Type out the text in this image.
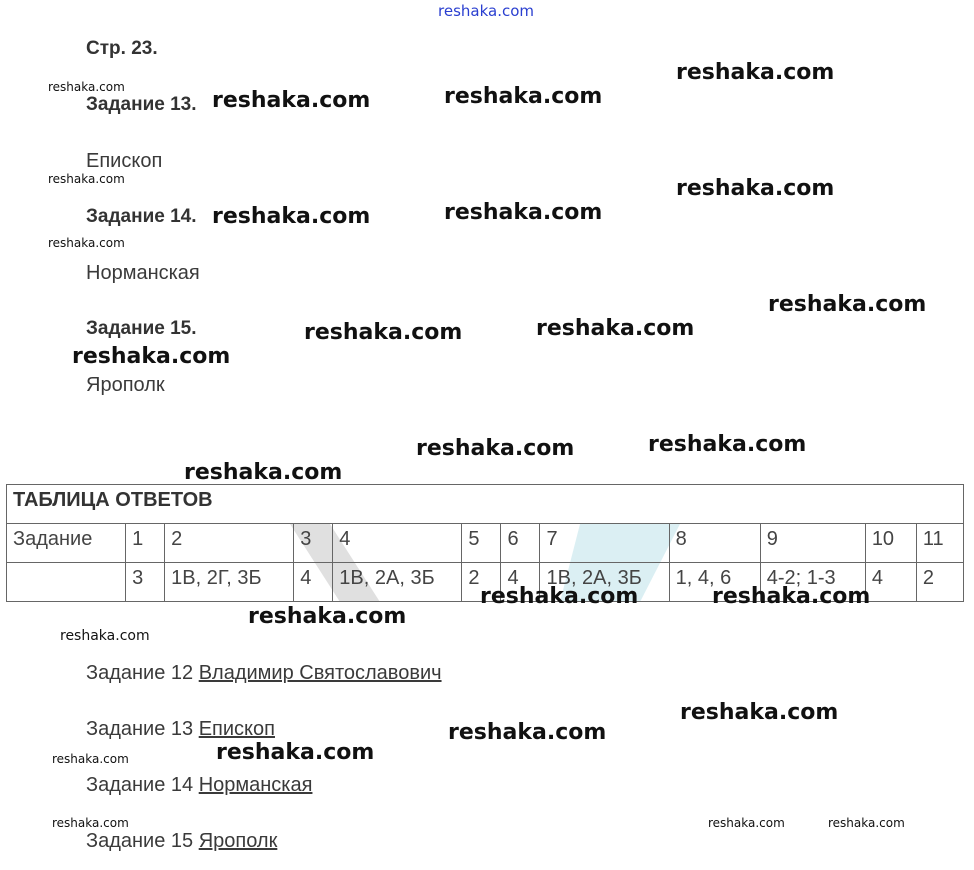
reshaka.com
Стр. 23.
Задание 13.
Епископ
Задание 14.
Норманская
Задание 15.
Ярополк
ТАБЛИЦА ОТВЕТОВ											
Задание	1	2	3	4	5	6	7	8	9	10	11
	3	1В, 2Г, 3Б	4	1В, 2А, 3Б	2	4	1В, 2А, 3Б	1, 4, 6	4-2; 1-3	4	2
Задание 12 Владимир Святославович
Задание 13 Епископ
Задание 14 Норманская
Задание 15 Ярополк
reshaka.com
reshaka.com	reshaka.com
reshaka.com
reshaka.com	reshaka.com
reshaka.com
reshaka.com	reshaka.com
reshaka.com
reshaka.com	reshaka.com
reshaka.com
reshaka.com	reshaka.com
reshaka.com
reshaka.com
reshaka.com
reshaka.com
reshaka.com
reshaka.com
reshaka.com
reshaka.com
reshaka.com
reshaka.com	reshaka.com	reshaka.com
